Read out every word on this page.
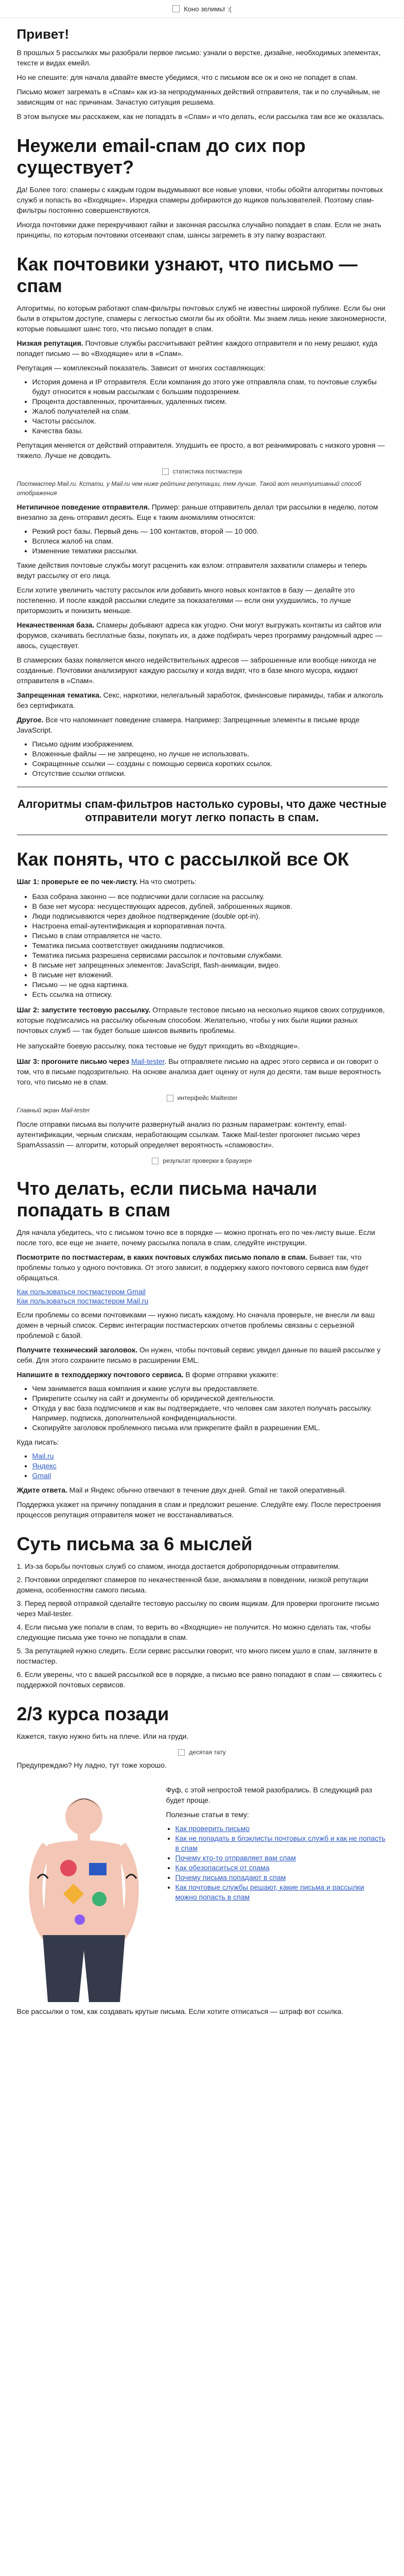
Коно зелимьт :(
Привет!

В прошлых 5 рассылках мы разобрали первое письмо: узнали о верстке, дизайне, необходимых элементах, тексте и видах емейл.

Но не спешите: для начала давайте вместе убедимся, что с письмом все ок и оно не попадет в спам.

Письмо может загремать в «Спам» как из-за непродуманных действий отправителя, так и по случайным, не зависящим от нас причинам. Зачастую ситуация решаема.

В этом выпуске мы расскажем, как не попадать в «Спам» и что делать, если рассылка там все же оказалась.

Неужели email-спам до сих пор существует?

Да! Более того: спамеры с каждым годом выдумывают все новые уловки, чтобы обойти алгоритмы почтовых служб и попасть во «Входящие». Изредка спамеры добираются до ящиков пользователей. Поэтому спам-фильтры постоянно совершенствуются.

Иногда почтовики даже перекручивают гайки и законная рассылка случайно попадает в спам. Если не знать принципы, по которым почтовики отсеивают спам, шансы загреметь в эту папку возрастают.

Как почтовики узнают, что письмо — спам

Алгоритмы, по которым работают спам-фильтры почтовых служб не известны широкой публике. Если бы они были в открытом доступе, спамеры с легкостью смогли бы их обойти. Мы знаем лишь некие закономерности, которые повышают шанс того, что письмо попадет в спам.

Низкая репутация. Почтовые службы рассчитывают рейтинг каждого отправителя и по нему решают, куда попадет письмо — во «Входящие» или в «Спам».

Репутация — комплексный показатель. Зависит от многих составляющих:

• История домена и IP отправителя. Если компания до этого уже отправляла спам, то почтовые службы будут относится к новым рассылкам с большим подозрением.
• Процента доставленных, прочитанных, удаленных писем.
• Жалоб получателей на спам.
• Частоты рассылок.
• Качества базы.

Репутация меняется от действий отправителя. Улудшить ее просто, а вот реанимировать с низкого уровня — тяжело. Лучше не доводить.

статистика постмастера

Постмастер Mail.ru. Кстати, у Mail.ru чем ниже рейтинг репутации, тем лучше. Такой вот неинтуитивный способ отображения

Нетипичное поведение отправителя. Пример: раньше отправитель делал три рассылки в неделю, потом внезапно за день отправил десять. Еще к таким аномалиям относятся:

• Резкий рост базы. Первый день — 100 контактов, второй — 10 000.
• Всплеск жалоб на спам.
• Изменение тематики рассылки.

Такие действия почтовые службы могут расценить как взлом: отправителя захватили спамеры и теперь ведут рассылку от его лица.

Если хотите увеличить частоту рассылок или добавить много новых контактов в базу — делайте это постепенно. И после каждой рассылки следите за показателями — если они ухудшились, то лучше притормозить и понизить меньше.

Некачественная база. Спамеры добывают адреса как угодно. Они могут выгружать контакты из сайтов или форумов, скачивать бесплатные базы, покупать их, а даже подбирать через программу рандомный адрес — авось, существует.

В спамерских базах появляется много недействительных адресов — заброшенные или вообще никогда не созданные. Почтовики анализируют каждую рассылку и когда видят, что в базе много мусора, кидают отправителя в «Спам».

Запрещенная тематика. Секс, наркотики, нелегальный заработок, финансовые пирамиды, табак и алкоголь без сертификата.

Другое. Все что напоминает поведение спамера. Например: Запрещенные элементы в письме вроде JavaScript.

• Письмо одним изображением.
• Вложенные файлы — не запрещено, но лучше не использовать.
• Сокращенные ссылки — созданы с помощью сервиса короткиx ссылок.
• Отсутствие ссылки отписки.
Алгоритмы спам-фильтров настолько суровы, что даже честные отправители могут легко попасть в спам.
Как понять, что с рассылкой все ОК

Шаг 1: проверьте ее по чек-листу. На что смотреть:

• База собрана законно — все подписчики дали согласие на рассылку.
• В базе нет мусора: несуществующих адресов, дублей, заброшенных ящиков.
• Люди подписываются через двойное подтверждение (double opt-in).
• Настроена email-аутентификация и корпоративная почта.
• Письмо в спам отправляется не часто.
• Тематика письма соответствует ожиданиям подписчиков.
• Тематика письма разрешена сервисами рассылок и почтовыми службами.
• В письме нет запрещенных элементов: JavaScript, flash-анимации, видео.
• В письме нет вложений.
• Письмо — не одна картинка.
• Есть ссылка на отписку.

Шаг 2: запустите тестовую рассылку. Отправьте тестовое письмо на несколько ящиков своих сотрудников, которые подписались на рассылку обычным способом. Желательно, чтобы у них были ящики разных почтовых служб — так будет больше шансов выявить проблемы.

Не запускайте боевую рассылку, пока тестовые не будут приходить во «Входящие».

Шаг 3: прогоните письмо через Mail-tester. Вы отправляете письмо на адрес этого сервиса и он говорит о том, что в письме подозрительно. На основе анализа дает оценку от нуля до десяти, там выше вероятность того, что письмо не в спам.

интерфейс Mailtester

Главный экран Mail-tester

После отправки письма вы получите развернутый анализ по разным параметрам: контенту, email-аутентификации, черным спискам, неработающим ссылкам. Также Mail-tester прогоняет письмо через SpamAssassin — алгоритм, который определяет вероятность «спамовости».

результат проверки в браузере
Что делать, если письма начали попадать в спам

Для начала убедитесь, что с письмом точно все в порядке — можно прогнать его по чек-листу выше. Если после того, все еще не знаете, почему рассылка попала в спам, следуйте инструкции.

Посмотрите по постмастерам, в каких почтовых службах письмо попало в спам. Бывает так, что проблемы только у одного почтовика. От этого зависит, в поддержку какого почтового сервиса вам будет обращаться.

Как пользоваться постмастером Gmail
Как пользоваться постмастером Mail.ru

Если проблемы со всеми почтовиками — нужно писать каждому. Но сначала проверьте, не внесли ли ваш домен в черный список. Сервис интеграции постмастерских отчетов проблемы связаны с серьезной проблемой с базой.

Получите технический заголовок. Он нужен, чтобы почтовый сервис увидел данные по вашей рассылке у себя. Для этого сохраните письмо в расширении EML.

Напишите в техподдержку почтового сервиса. В форме отправки укажите:

• Чем занимается ваша компания и какие услуги вы предоставляете.
• Прикрепите ссылку на сайт и документы об юридической деятельности.
• Откуда у вас база подписчиков и как вы подтверждаете, что человек сам захотел получать рассылку. Например, подписка, дополнительной конфиденциальности.
• Скопируйте заголовок проблемного письма или прикрепите файл в разрешении EML.

Куда писать:

• Mail.ru
• Яндекс
• Gmail

Ждите ответа. Mail и Яндекс обычно отвечают в течение двух дней. Gmail не такой оперативный.

Поддержка укажет на причину попадания в спам и предложит решение. Следуйте ему. После перестроения процессов репутация отправителя может не восстанавливаться.

Суть письма за 6 мыслей

1. Из-за борьбы почтовых служб со спамом, иногда достается добропорядочным отправителям.

2. Почтовики определяют спамеров по некачественной базе, аномалиям в поведении, низкой репутации домена, особенностям самого письма.

3. Перед первой отправкой сделайте тестовую рассылку по своим ящикам. Для проверки прогоните письмо через Mail-tester.

4. Если письма уже попали в спам, то верить во «Входящие» не получится. Но можно сделать так, чтобы следующие письма уже точно не попадали в спам.

5. За репутацией нужно следить. Если сервис рассылки говорит, что много писем ушло в спам, загляните в постмастер.

6. Если уверены, что с вашей рассылкой все в порядке, а письмо все равно попадают в спам — свяжитесь с поддержкой почтовых сервисов.

2/3 курса позади

Кажется, такую нужно бить на плече. Или на груди.

десятая тату

Предупреждаю? Ну ладно, тут тоже хорошо.

Фуф, с этой непростой темой разобрались. В следующий раз будет проще.

Полезные статьи в тему:

• Как проверить письмо
• Как не попадать в блэклисты почтовых служб и как не попасть в спам
• Почему кто-то отправляет вам спам
• Как обезопаситься от спама
• Почему письма попадают в спам
• Как почтовые службы решают, какие письма и рассылки можно попасть в спам

Все рассылки о том, как создавать крутые письма. Если хотите отписаться — штраф вот ссылка.
